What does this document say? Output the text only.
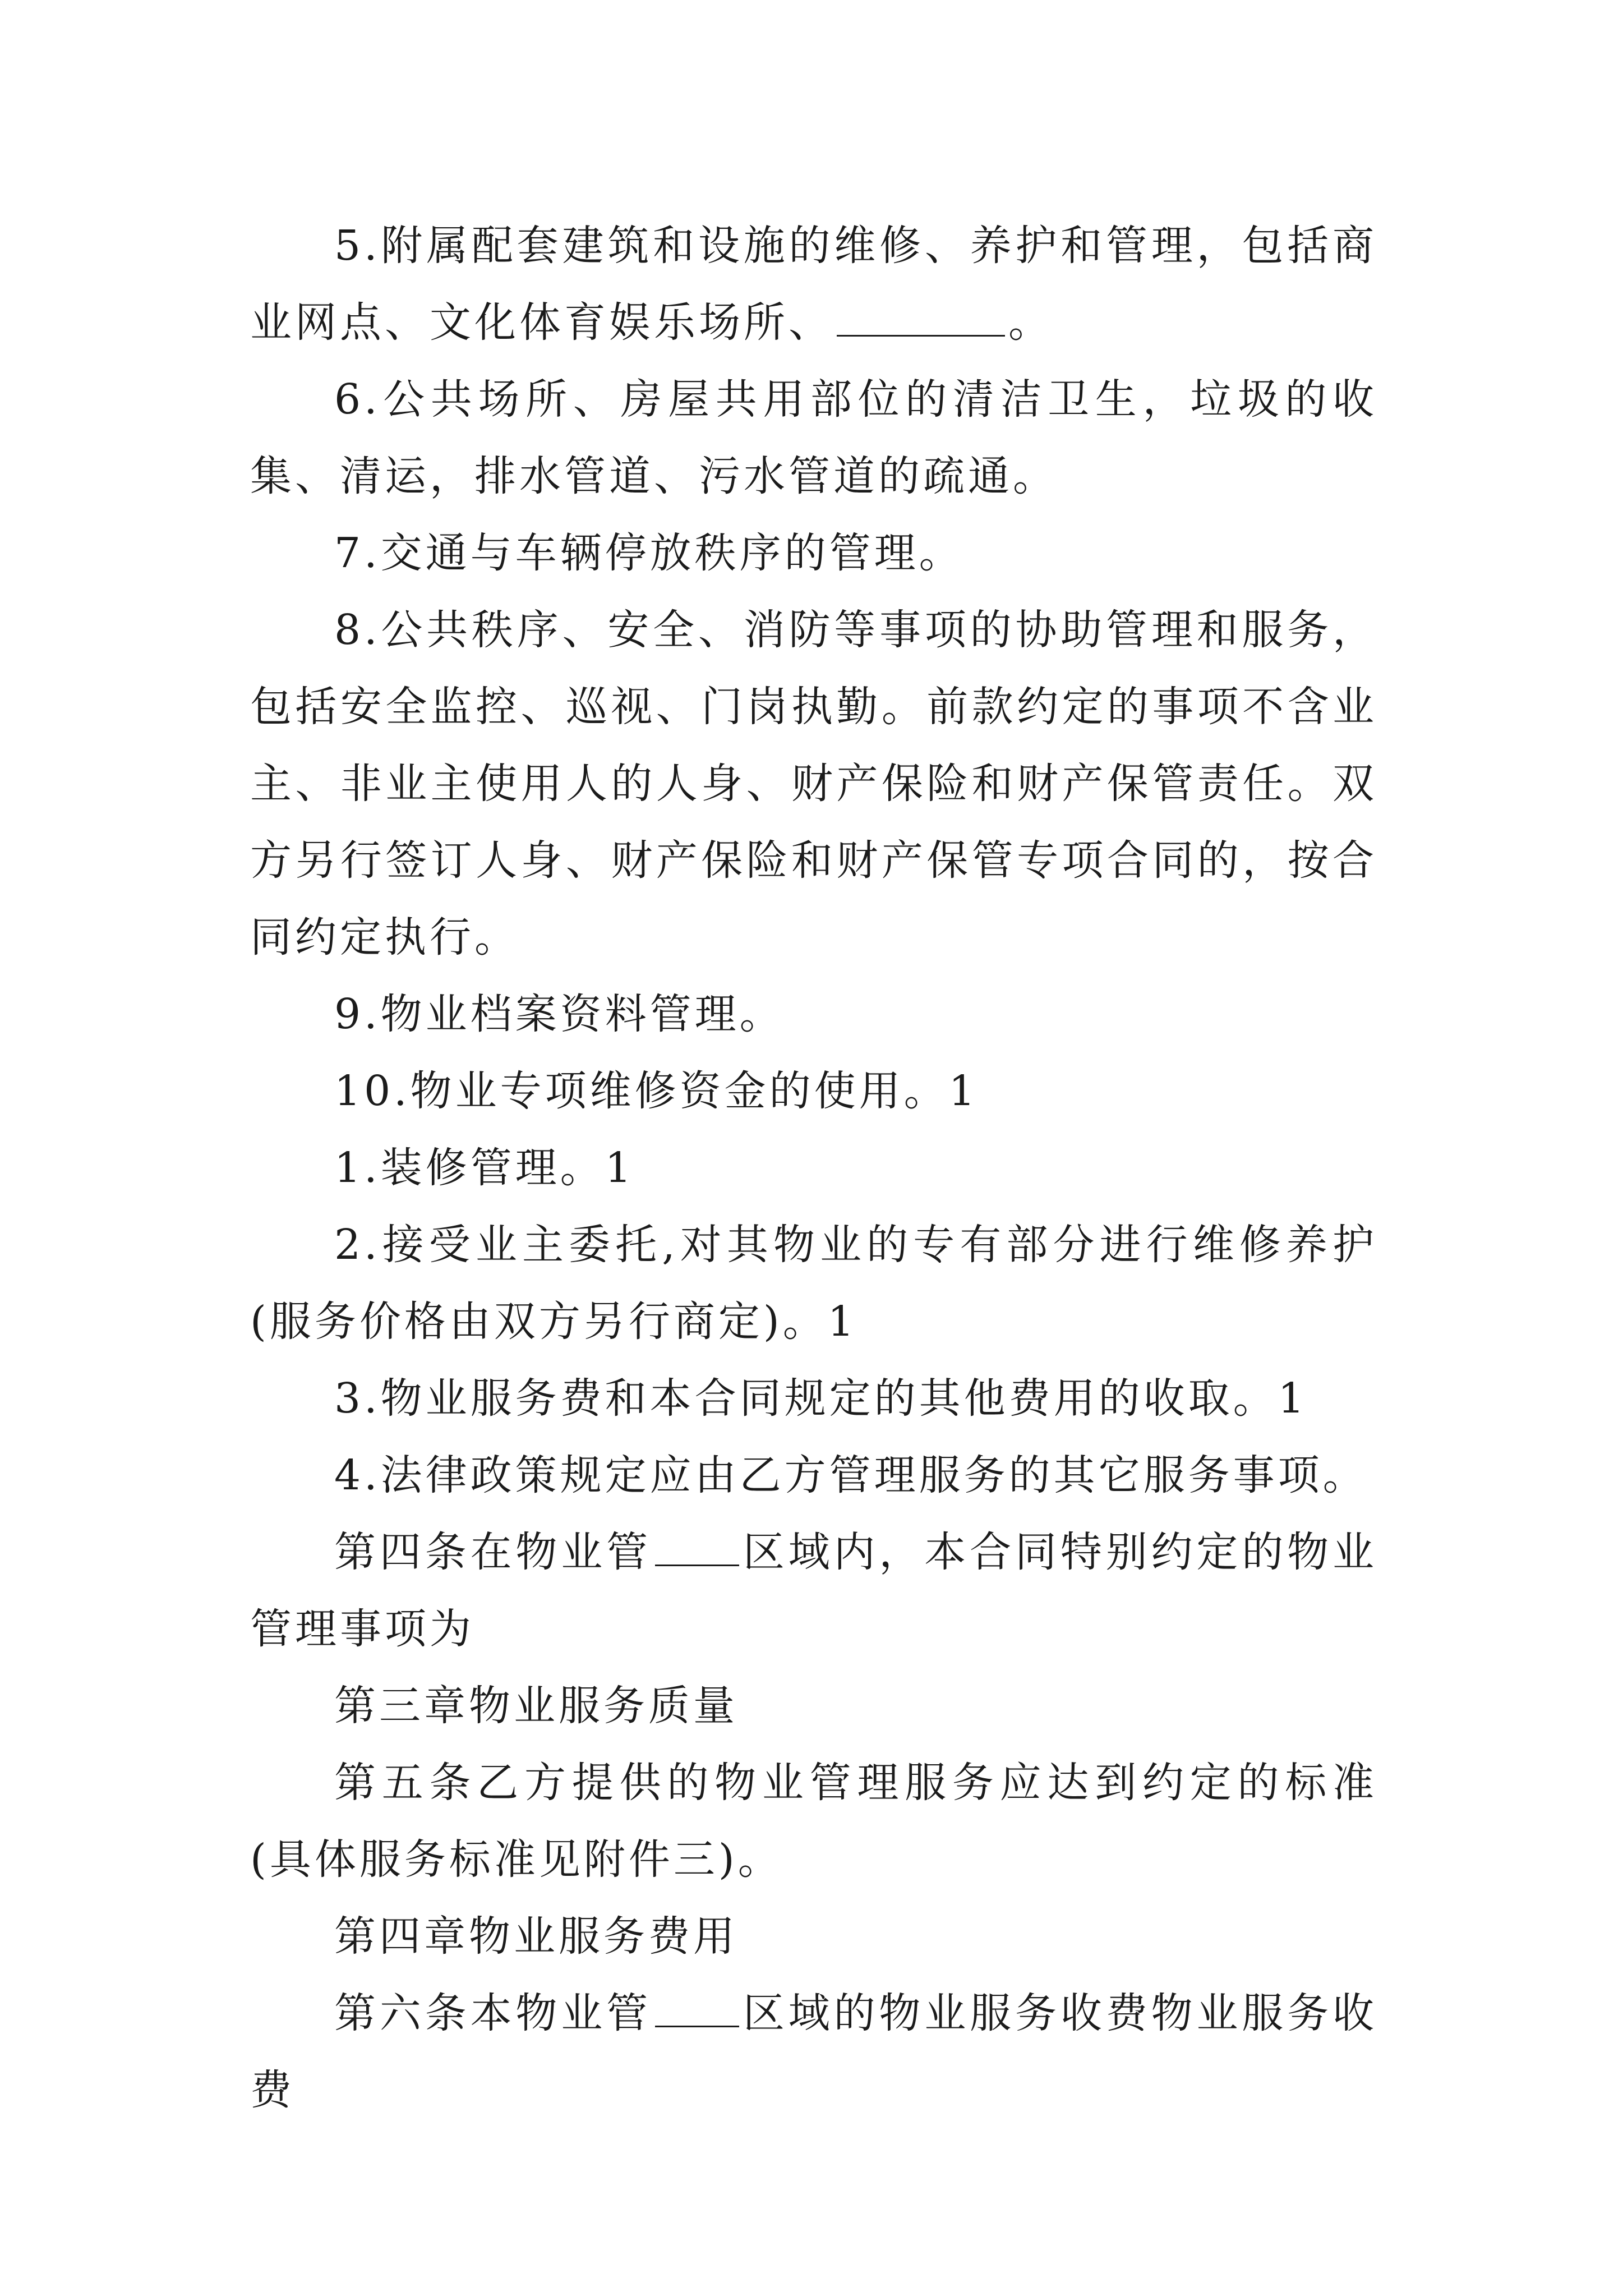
5.附属配套建筑和设施的维修、养护和管理，包括商业网点、文化体育娱乐场所、	。

6.公共场所、房屋共用部位的清洁卫生，垃圾的收集、清运，排水管道、污水管道的疏通。

7.交通与车辆停放秩序的管理。

8.公共秩序、安全、消防等事项的协助管理和服务，包括安全监控、巡视、门岗执勤。前款约定的事项不含业主、非业主使用人的人身、财产保险和财产保管责任。双方另行签订人身、财产保险和财产保管专项合同的，按合同约定执行。

9.物业档案资料管理。

10.物业专项维修资金的使用。1

1.装修管理。1

2.接受业主委托,对其物业的专有部分进行维修养护(服务价格由双方另行商定)。1

3.物业服务费和本合同规定的其他费用的收取。1

4.法律政策规定应由乙方管理服务的其它服务事项。

第四条在物业管 区域内，本合同特别约定的物业管理事项为

第三章物业服务质量

第五条乙方提供的物业管理服务应达到约定的标准(具体服务标准见附件三)。

第四章物业服务费用

第六条本物业管 区域的物业服务收费物业服务收费
